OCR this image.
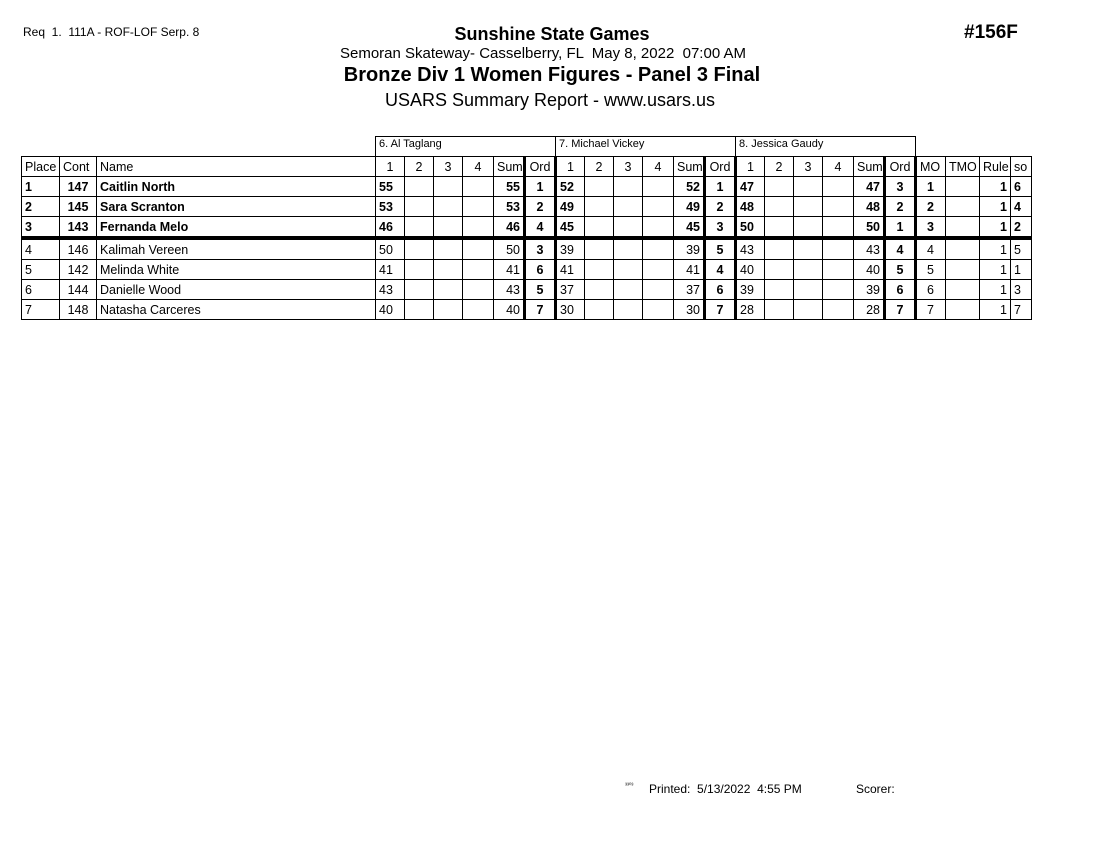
Req  1.  111A - ROF-LOF Serp. 8	#156F
Sunshine State Games
Semoran Skateway- Casselberry, FL  May 8, 2022  07:00 AM
Bronze Div 1 Women Figures - Panel 3 Final
USARS Summary Report - www.usars.us
			6. Al Taglang						7. Michael Vickey						8. Jessica Gaudy									
Place	Cont	Name	1	2	3	4	Sum	Ord	1	2	3	4	Sum	Ord	1	2	3	4	Sum	Ord	MO	TMO	Rule	so
1	147	Caitlin North	55				55	1	52				52	1	47				47	3	1		1	6
2	145	Sara Scranton	53				53	2	49				49	2	48				48	2	2		1	4
3	143	Fernanda Melo	46				46	4	45				45	3	50				50	1	3		1	2
4	146	Kalimah Vereen	50				50	3	39				39	5	43				43	4	4		1	5
5	142	Melinda White	41				41	6	41				41	4	40				40	5	5		1	1
6	144	Danielle Wood	43				43	5	37				37	6	39				39	6	6		1	3
7	148	Natasha Carceres	40				40	7	30				30	7	28				28	7	7		1	7
³³⁰³ Printed:  5/13/2022  4:55 PM	Scorer:
